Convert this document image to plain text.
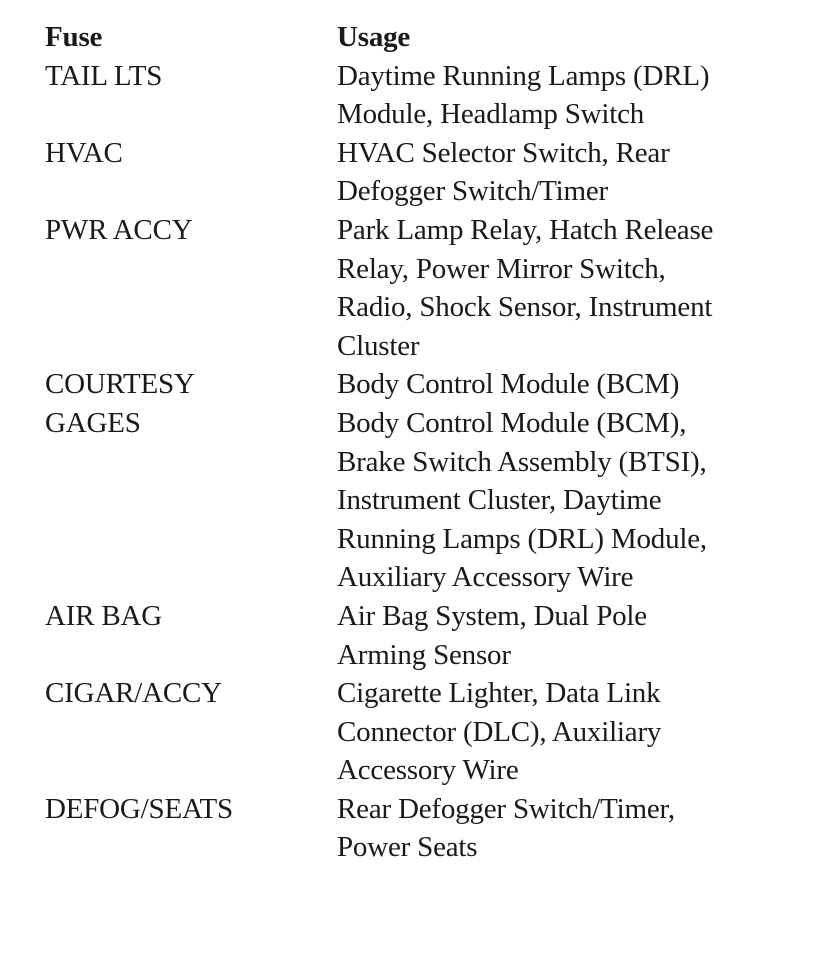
Fuse	Usage
TAIL LTS	Daytime Running Lamps (DRL)
Module, Headlamp Switch
HVAC	HVAC Selector Switch, Rear
Defogger Switch/Timer
PWR ACCY	Park Lamp Relay, Hatch Release
Relay, Power Mirror Switch,
Radio, Shock Sensor, Instrument
Cluster
COURTESY	Body Control Module (BCM)
GAGES	Body Control Module (BCM),
Brake Switch Assembly (BTSI),
Instrument Cluster, Daytime
Running Lamps (DRL) Module,
Auxiliary Accessory Wire
AIR BAG	Air Bag System, Dual Pole
Arming Sensor
CIGAR/ACCY	Cigarette Lighter, Data Link
Connector (DLC), Auxiliary
Accessory Wire
DEFOG/SEATS	Rear Defogger Switch/Timer,
Power Seats
